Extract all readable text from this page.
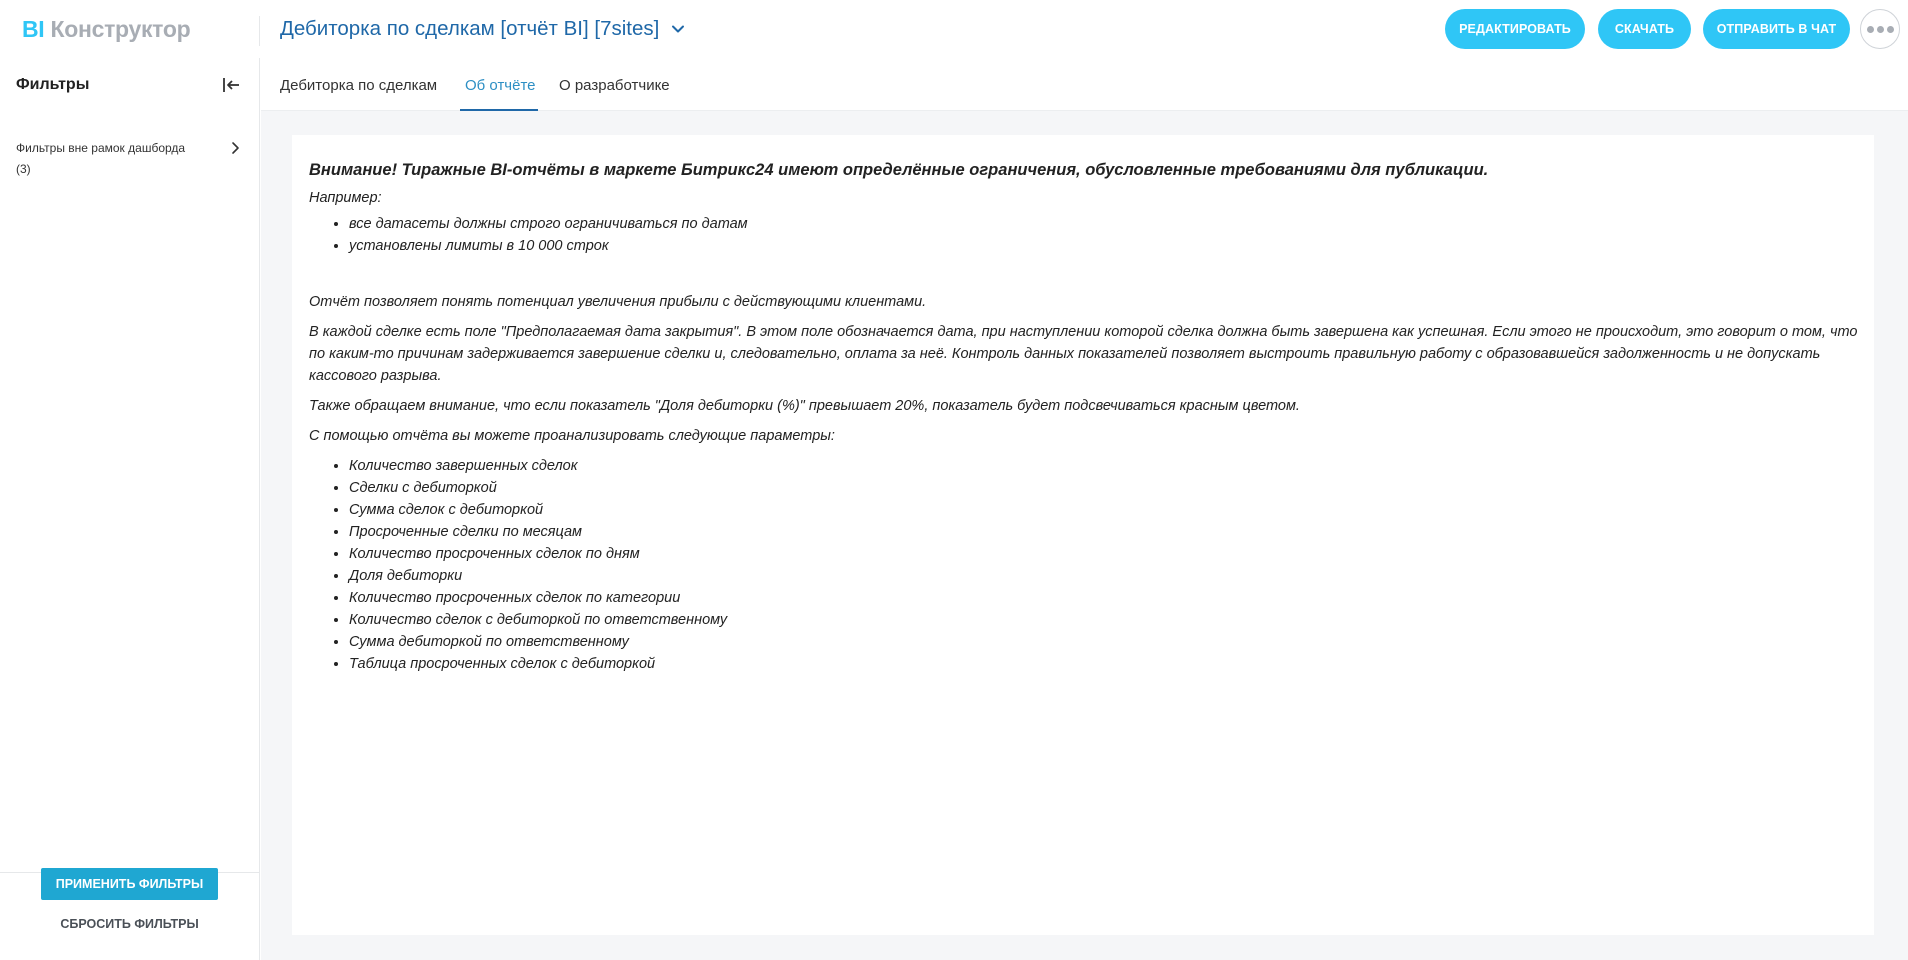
BI Конструктор	Дебиторка по сделкам [отчёт BI] [7sites]	РЕДАКТИРОВАТЬ	СКАЧАТЬ	ОТПРАВИТЬ В ЧАТ
Фильтры
Фильтры вне рамок дашборда
(3)
ПРИМЕНИТЬ ФИЛЬТРЫ
СБРОСИТЬ ФИЛЬТРЫ
Дебиторка по сделкам Об отчёте О разработчике
Внимание! Тиражные BI-отчёты в маркете Битрикс24 имеют определённые ограничения, обусловленные требованиями для публикации.
Например:
• все датасеты должны строго ограничиваться по датам
• установлены лимиты в 10 000 строк
Отчёт позволяет понять потенциал увеличения прибыли с действующими клиентами.
В каждой сделке есть поле "Предполагаемая дата закрытия". В этом поле обозначается дата, при наступлении которой сделка должна быть завершена как успешная. Если этого не происходит, это говорит о том, что по каким-то причинам задерживается завершение сделки и, следовательно, оплата за неё. Контроль данных показателей позволяет выстроить правильную работу с образовавшейся задолженность и не допускать кассового разрыва.
Также обращаем внимание, что если показатель "Доля дебиторки (%)" превышает 20%, показатель будет подсвечиваться красным цветом.
С помощью отчёта вы можете проанализировать следующие параметры:
• Количество завершенных сделок
• Сделки с дебиторкой
• Сумма сделок с дебиторкой
• Просроченные сделки по месяцам
• Количество просроченных сделок по дням
• Доля дебиторки
• Количество просроченных сделок по категории
• Количество сделок с дебиторкой по ответственному
• Сумма дебиторкой по ответственному
• Таблица просроченных сделок с дебиторкой
